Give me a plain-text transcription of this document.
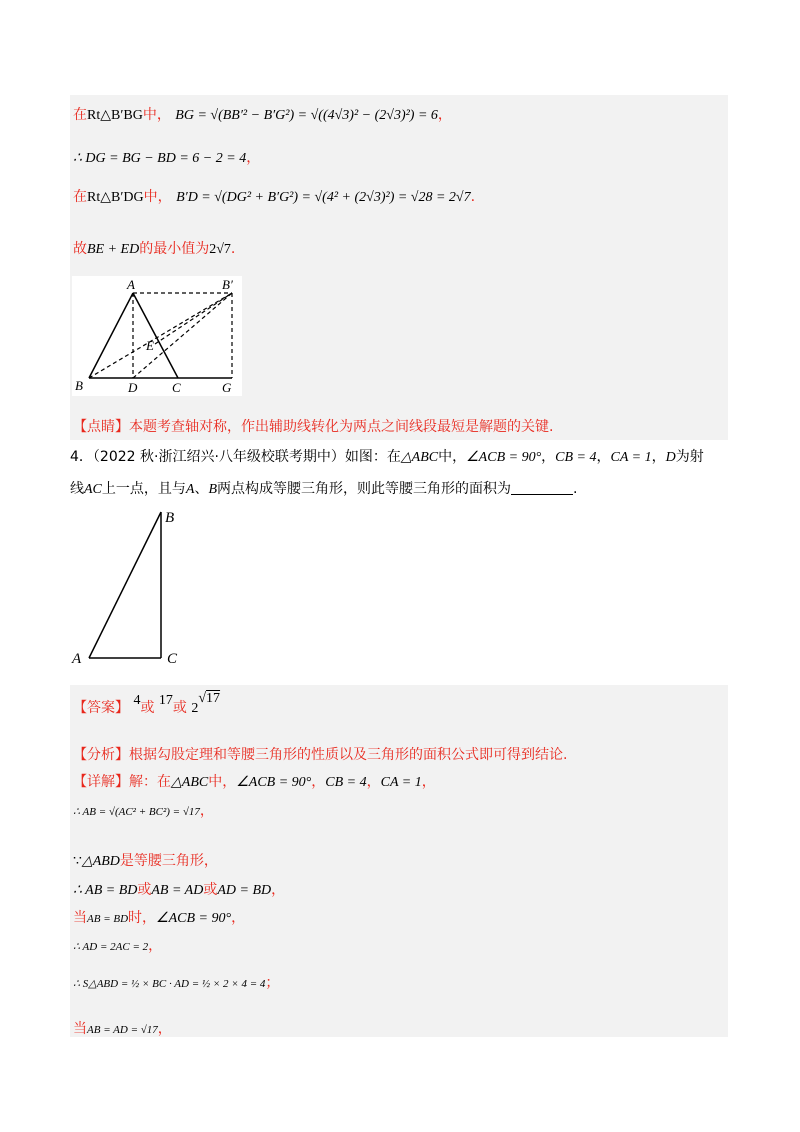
在Rt△B′BG中， BG = √(BB′² − B′G²) = √((4√3)² − (2√3)²) = 6，
∴ DG = BG − BD = 6 − 2 = 4，
在Rt△B′DG中， B′D = √(DG² + B′G²) = √(4² + (2√3)²) = √28 = 2√7.
故BE + ED的最小值为2√7.
A	B′
B	D	C	G
E
【点睛】本题考查轴对称，作出辅助线转化为两点之间线段最短是解题的关键.
4．（2022 秋·浙江绍兴·八年级校联考期中）如图：在△ABC中，∠ACB = 90°，CB = 4，CA = 1，D为射
线AC上一点，且与A、B两点构成等腰三角形，则此等腰三角形的面积为	.
B
A	C
【答案】 4或 17或 2√17
【分析】根据勾股定理和等腰三角形的性质以及三角形的面积公式即可得到结论.
【详解】解：在△ABC中，∠ACB = 90°，CB = 4，CA = 1，
∴ AB = √(AC² + BC²) = √17，
∵△ABD是等腰三角形，
∴ AB = BD或AB = AD或AD = BD，
当AB = BD时，∠ACB = 90°，
∴ AD = 2AC = 2，
∴ S△ABD = ½ × BC · AD = ½ × 2 × 4 = 4；
当AB = AD = √17，
